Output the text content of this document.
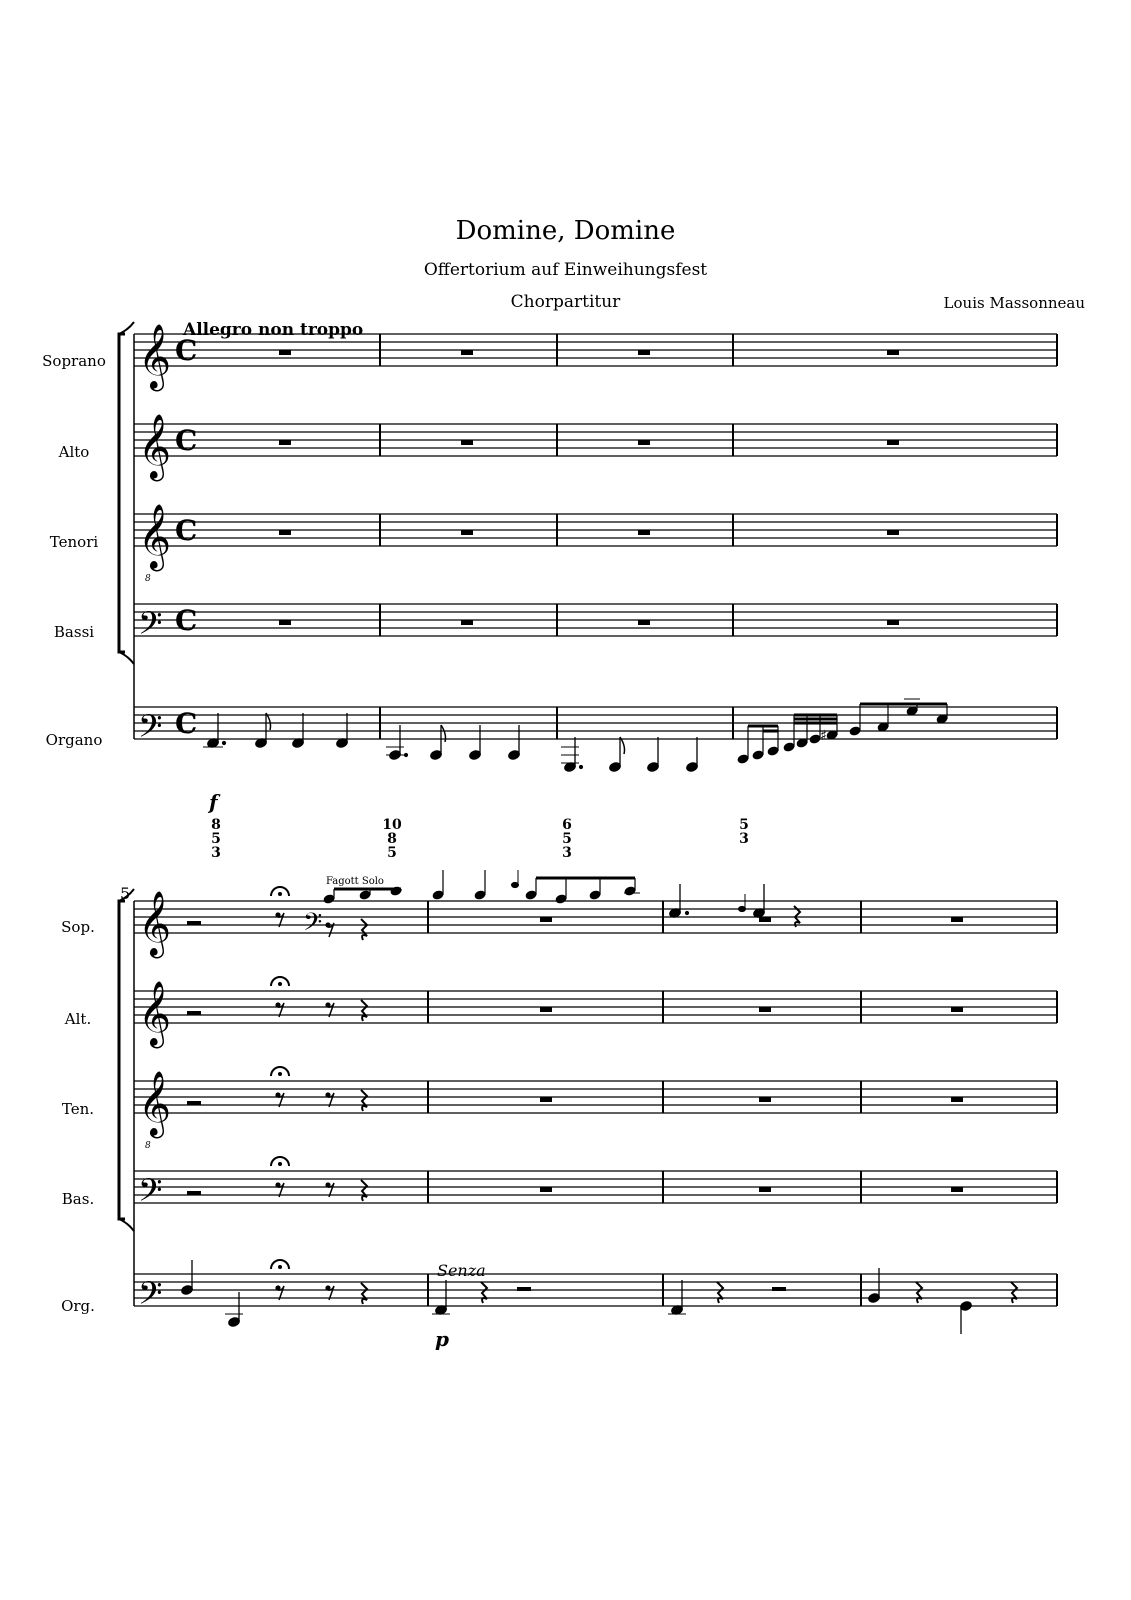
Domine, Domine
Offertorium auf Einweihungsfest
Chorpartitur	Louis Massonneau
Allegro non troppo
Soprano
Alto
Tenori
Bassi
Organo
Sop.
Alt.
Ten.
Bas.
Org.
5
f
p
Fagott Solo
Senza
8
5
3
10
8
5
6
5
3
5
3
𝄞
𝄞
𝄞
8
𝄢
𝄢
C
C
C
C
C	♯
𝄞
𝄞
𝄞
8
𝄢
𝄢
𝄢
